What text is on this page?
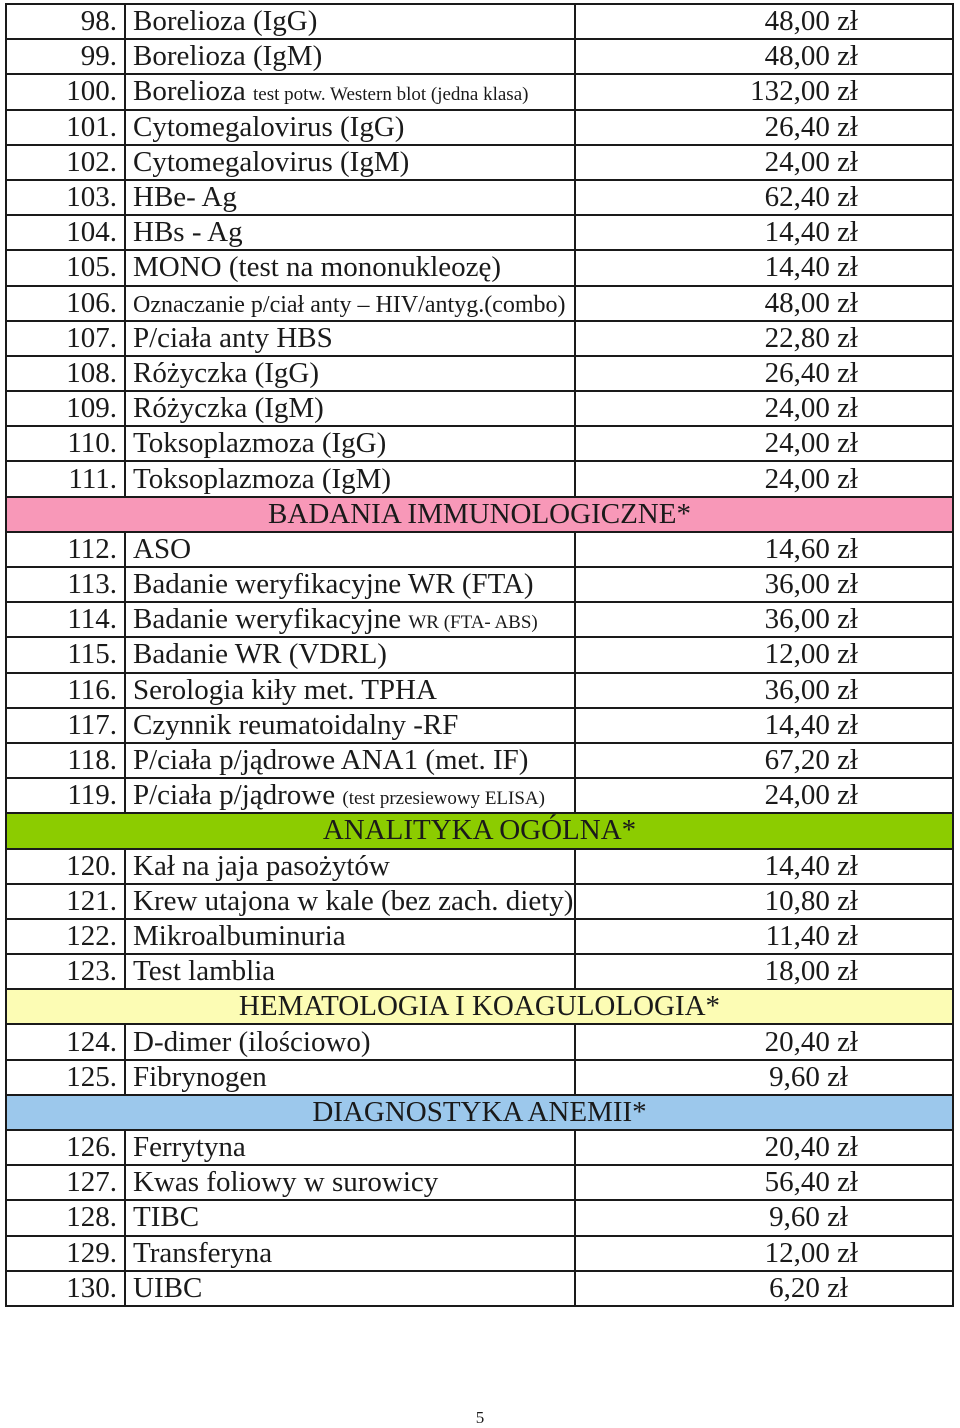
98.	Borelioza (IgG)	48,00 zł
99.	Borelioza (IgM)	48,00 zł
100.	Borelioza test potw. Western blot (jedna klasa)	132,00 zł
101.	Cytomegalovirus (IgG)	26,40 zł
102.	Cytomegalovirus (IgM)	24,00 zł
103.	HBe- Ag	62,40 zł
104.	HBs - Ag	14,40 zł
105.	MONO (test na mononukleozę)	14,40 zł
106.	Oznaczanie p/ciał anty – HIV/antyg.(combo)	48,00 zł
107.	P/ciała anty HBS	22,80 zł
108.	Różyczka (IgG)	26,40 zł
109.	Różyczka (IgM)	24,00 zł
110.	Toksoplazmoza (IgG)	24,00 zł
111.	Toksoplazmoza (IgM)	24,00 zł
BADANIA IMMUNOLOGICZNE*		
112.	ASO	14,60 zł
113.	Badanie weryfikacyjne WR (FTA)	36,00 zł
114.	Badanie weryfikacyjne WR (FTA- ABS)	36,00 zł
115.	Badanie WR (VDRL)	12,00 zł
116.	Serologia kiły met. TPHA	36,00 zł
117.	Czynnik reumatoidalny -RF	14,40 zł
118.	P/ciała p/jądrowe ANA1 (met. IF)	67,20 zł
119.	P/ciała p/jądrowe (test przesiewowy ELISA)	24,00 zł
ANALITYKA OGÓLNA*		
120.	Kał na jaja pasożytów	14,40 zł
121.	Krew utajona w kale (bez zach. diety)	10,80 zł
122.	Mikroalbuminuria	11,40 zł
123.	Test lamblia	18,00 zł
HEMATOLOGIA I KOAGULOLOGIA*		
124.	D-dimer (ilościowo)	20,40 zł
125.	Fibrynogen	9,60 zł
DIAGNOSTYKA ANEMII*		
126.	Ferrytyna	20,40 zł
127.	Kwas foliowy w surowicy	56,40 zł
128.	TIBC	9,60 zł
129.	Transferyna	12,00 zł
130.	UIBC	6,20 zł
5
